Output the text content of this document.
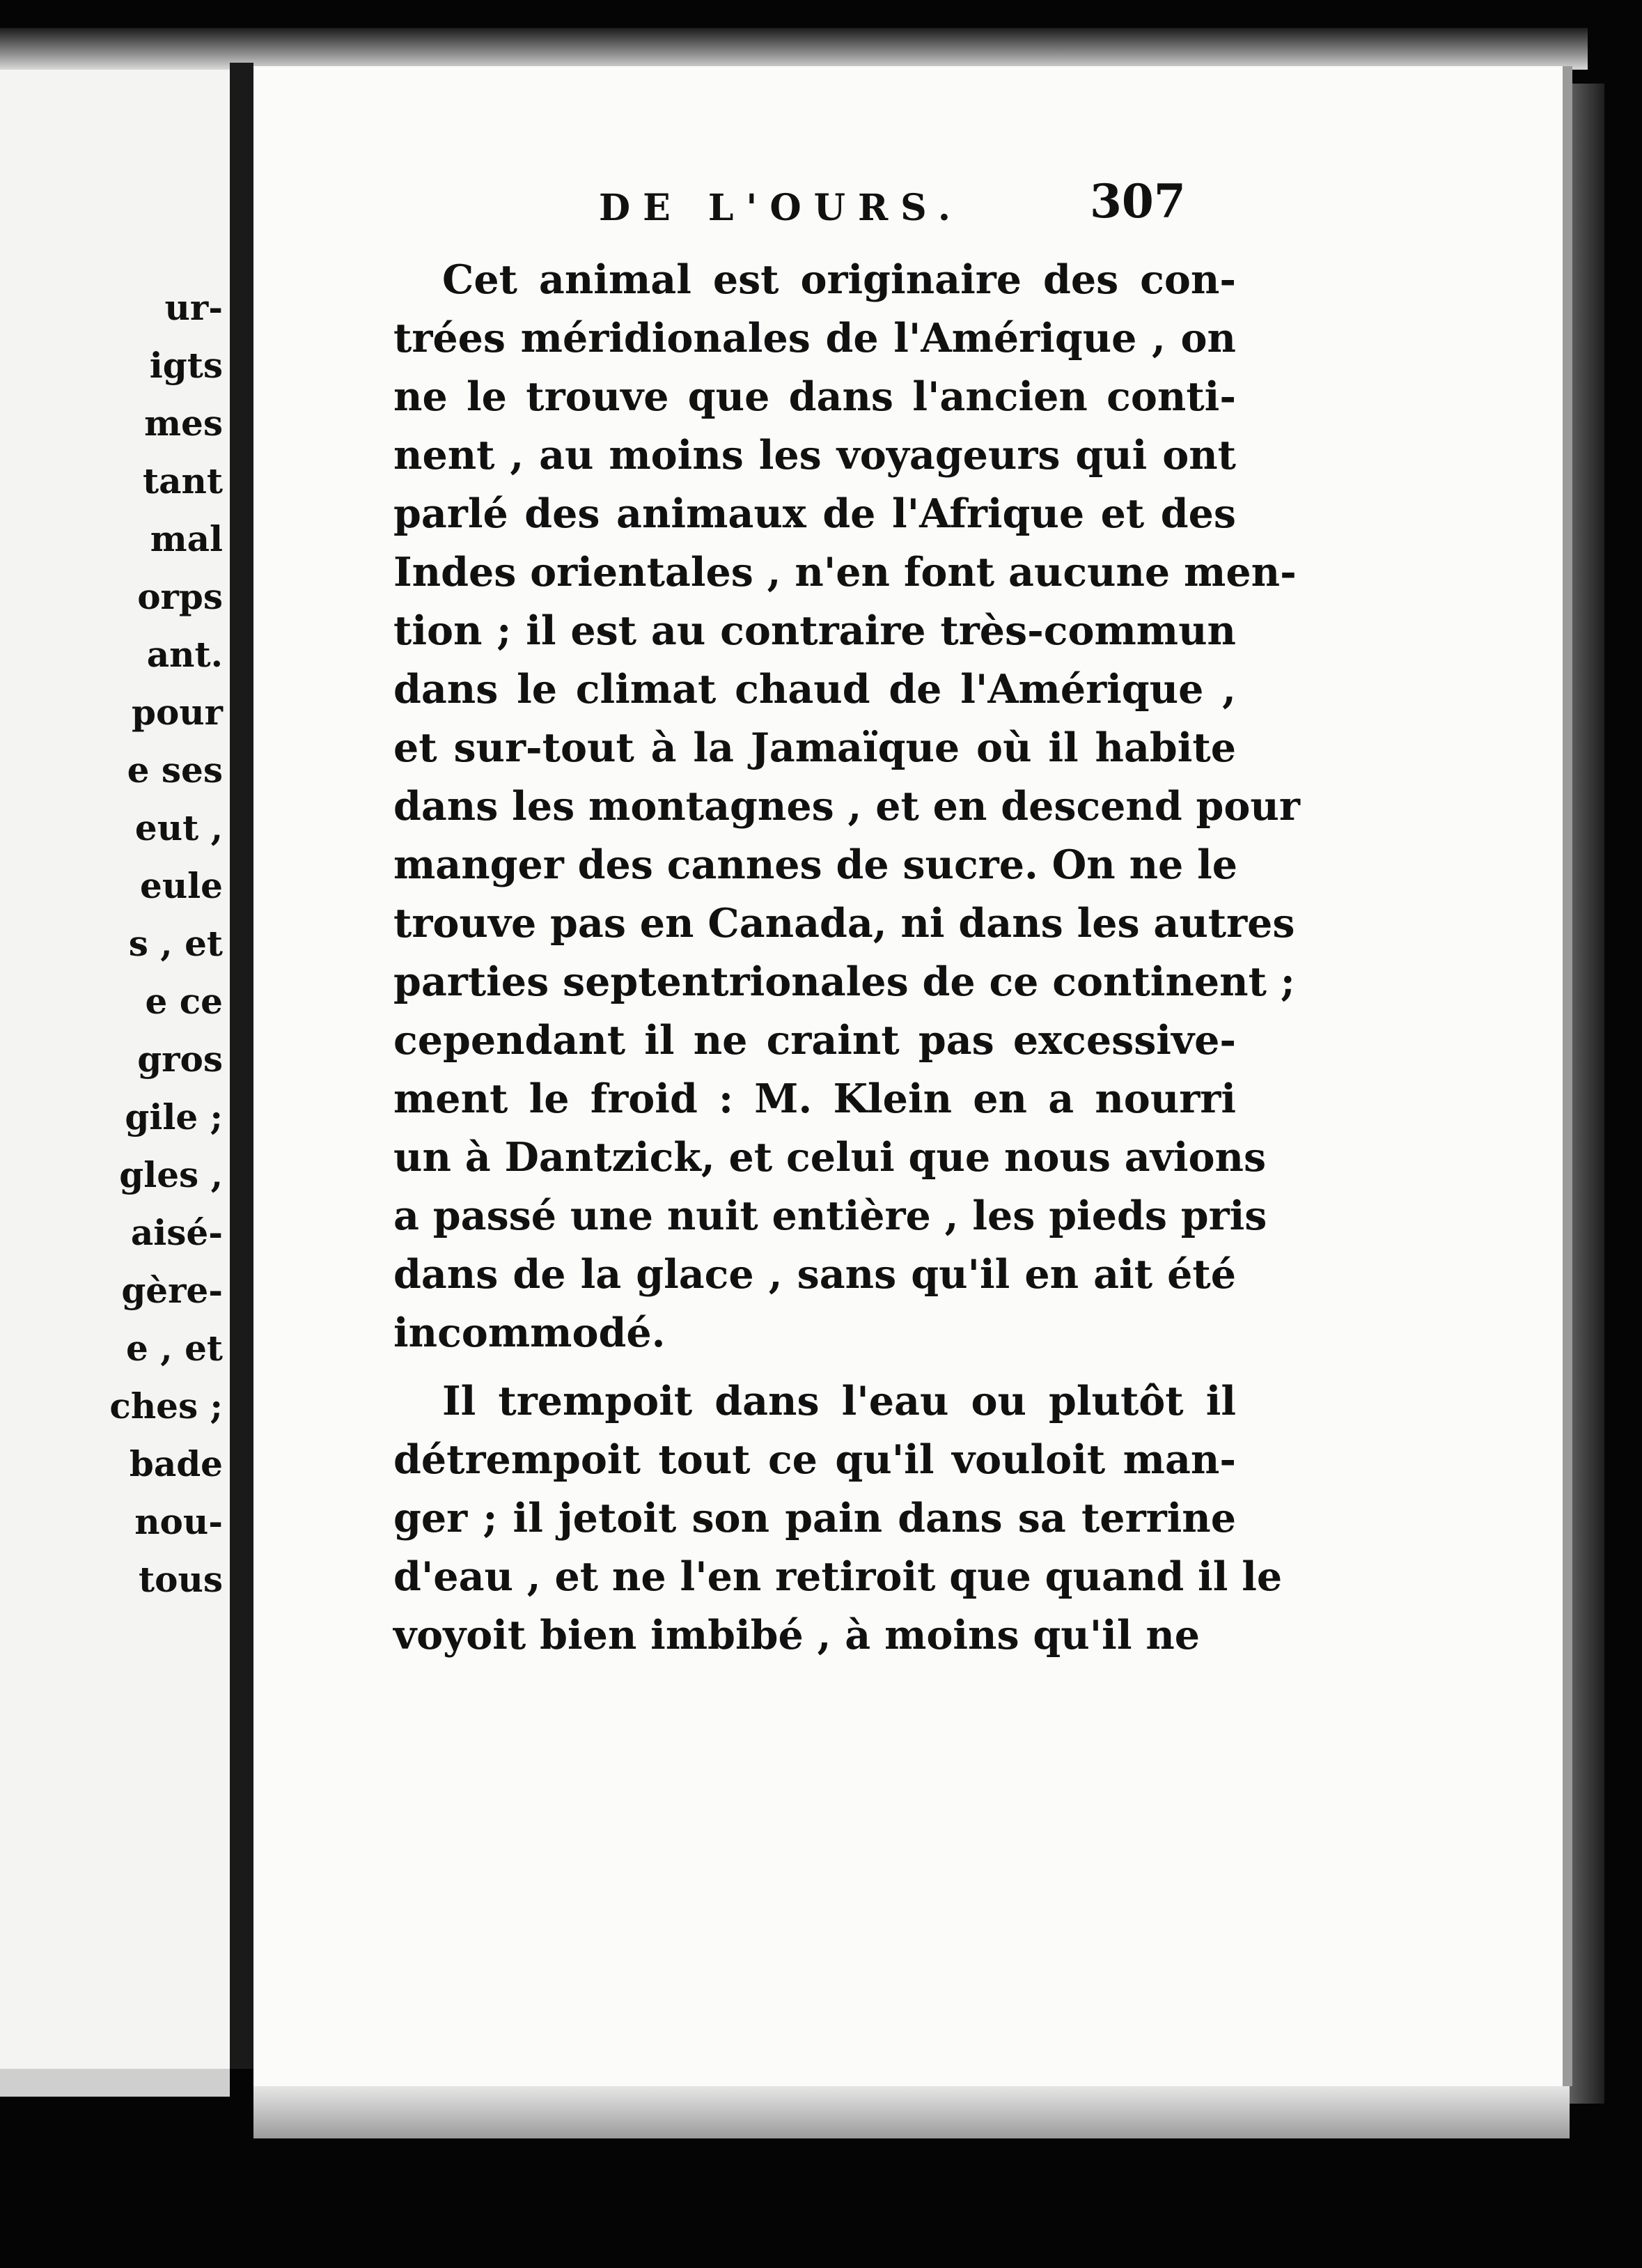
ur-
igts
mes
tant
mal
orps
ant.
pour
e ses
eut ,
eule
s , et
e ce
gros
gile ;
gles ,
aisé-
gère-
e , et
ches ;
bade
nou-
tous
DE L'OURS.	307
Cet animal est originaire des con-
trées méridionales de l'Amérique , on
ne le trouve que dans l'ancien conti-
nent , au moins les voyageurs qui ont
parlé des animaux de l'Afrique et des
Indes orientales , n'en font aucune men-
tion ; il est au contraire très-commun
dans le climat chaud de l'Amérique ,
et sur-tout à la Jamaïque où il habite
dans les montagnes , et en descend pour
manger des cannes de sucre. On ne le
trouve pas en Canada, ni dans les autres
parties septentrionales de ce continent ;
cependant il ne craint pas excessive-
ment le froid : M. Klein en a nourri
un à Dantzick, et celui que nous avions
a passé une nuit entière , les pieds pris
dans de la glace , sans qu'il en ait été
incommodé.
Il trempoit dans l'eau ou plutôt il
détrempoit tout ce qu'il vouloit man-
ger ; il jetoit son pain dans sa terrine
d'eau , et ne l'en retiroit que quand il le
voyoit bien imbibé , à moins qu'il ne
